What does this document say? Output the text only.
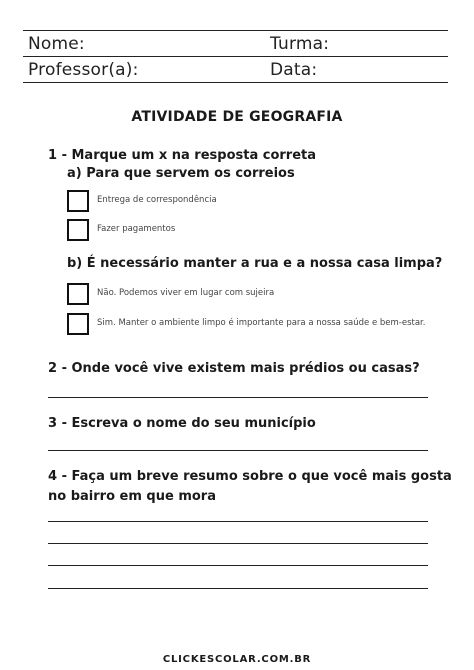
Nome:	Turma:
Professor(a):	Data:
ATIVIDADE DE GEOGRAFIA
1 - Marque um x na resposta correta
a) Para que servem os correios
Entrega de correspondência
Fazer pagamentos
b) É necessário manter a rua e a nossa casa limpa?
Não. Podemos viver em lugar com sujeira
Sim. Manter o ambiente limpo é importante para a nossa saúde e bem-estar.
2 - Onde você vive existem mais prédios ou casas?
3 - Escreva o nome do seu município
4 - Faça um breve resumo sobre o que você mais gosta
no bairro em que mora
CLICKESCOLAR.COM.BR
